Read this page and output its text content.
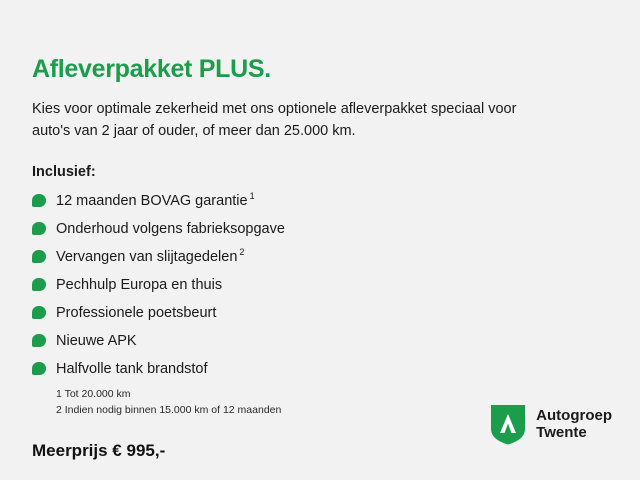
Afleverpakket PLUS.

Kies voor optimale zekerheid met ons optionele afleverpakket speciaal voor auto's van 2 jaar of ouder, of meer dan 25.000 km.

Inclusief:
12 maanden BOVAG garantie $^1$
Onderhoud volgens fabrieksopgave
Vervangen van slijtagedelen $^2$
Pechhulp Europa en thuis
Professionele poetsbeurt
Nieuwe APK
Halfvolle tank brandstof
1 Tot 20.000 km
2 Indien nodig binnen 15.000 km of 12 maanden
Meerprijs € 995,-
Autogroep
Twente
